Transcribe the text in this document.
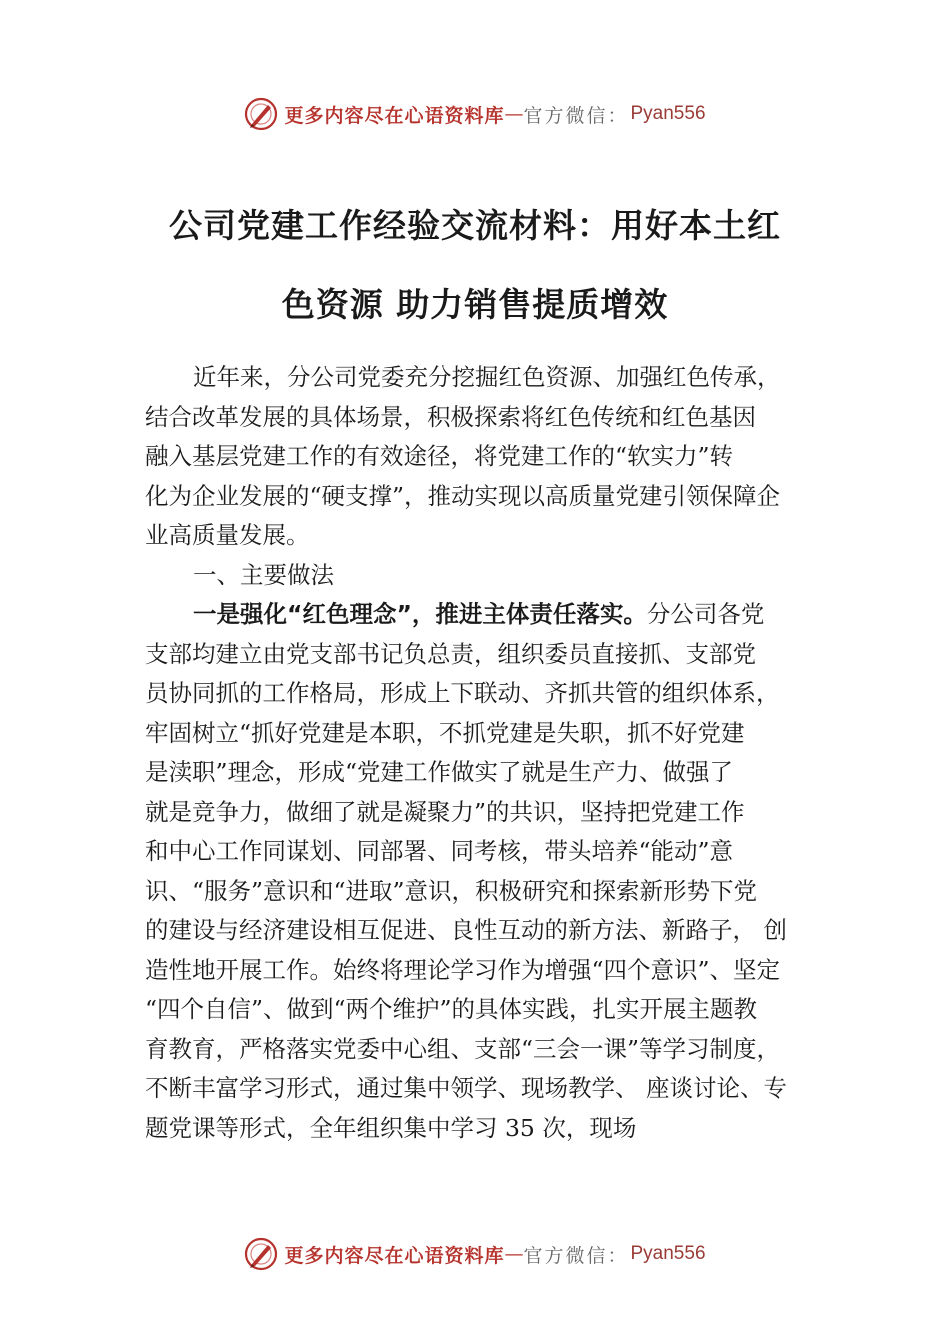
更多内容尽在心语资料库 — 官方微信： Pyan556
公司党建工作经验交流材料：用好本土红
色资源 助力销售提质增效
近年来，分公司党委充分挖掘红色资源、加强红色传承，
结合改革发展的具体场景，积极探索将红色传统和红色基因
融入基层党建工作的有效途径，将党建工作的“软实力”转
化为企业发展的“硬支撑”，推动实现以高质量党建引领保障企
业高质量发展。
一、主要做法
一是强化“红色理念”，推进主体责任落实。分公司各党
支部均建立由党支部书记负总责，组织委员直接抓、支部党
员协同抓的工作格局，形成上下联动、齐抓共管的组织体系，
牢固树立“抓好党建是本职，不抓党建是失职，抓不好党建
是渎职”理念，形成“党建工作做实了就是生产力、做强了
就是竞争力，做细了就是凝聚力”的共识，坚持把党建工作
和中心工作同谋划、同部署、同考核，带头培养“能动”意
识、“服务”意识和“进取”意识，积极研究和探索新形势下党
的建设与经济建设相互促进、良性互动的新方法、新路子， 创
造性地开展工作。始终将理论学习作为增强“四个意识”、坚定
“四个自信”、做到“两个维护”的具体实践，扎实开展主题教
育教育，严格落实党委中心组、支部“三会一课”等学习制度，
不断丰富学习形式，通过集中领学、现场教学、 座谈讨论、专
题党课等形式，全年组织集中学习 35 次，现场
更多内容尽在心语资料库 — 官方微信： Pyan556
